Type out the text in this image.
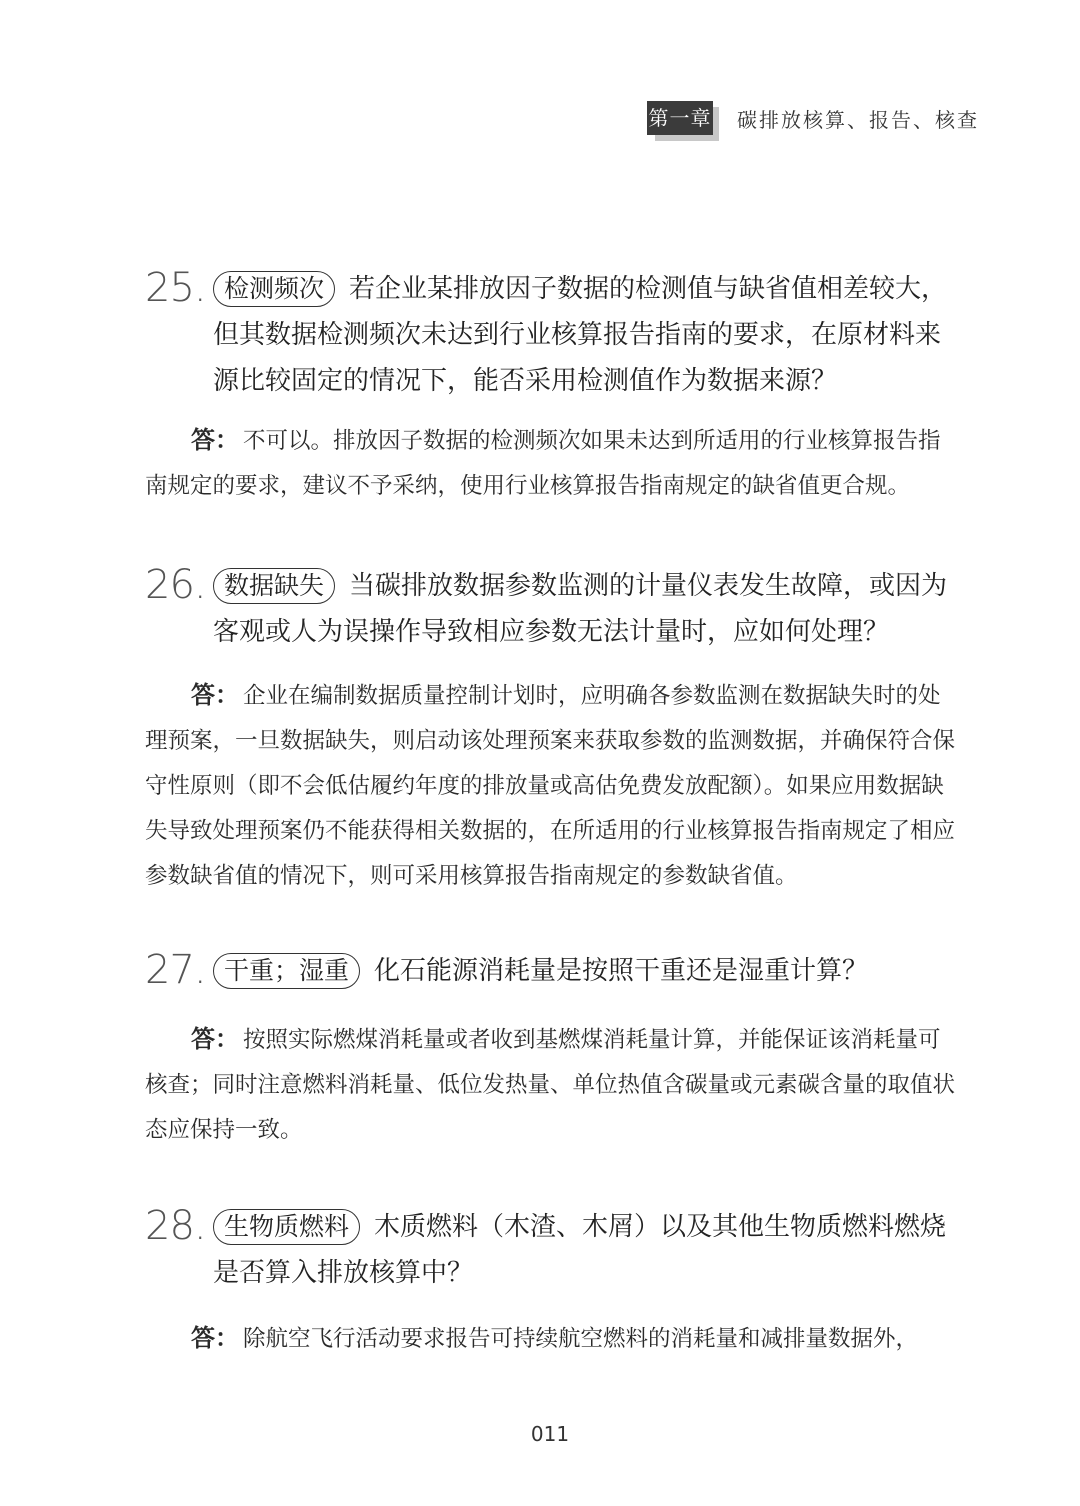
第一章 碳排放核算、报告、核查
25. 检测频次 若企业某排放因子数据的检测值与缺省值相差较大，
但其数据检测频次未达到行业核算报告指南的要求，在原材料来
源比较固定的情况下，能否采用检测值作为数据来源？
答： 不可以。排放因子数据的检测频次如果未达到所适用的行业核算报告指南规定的要求，建议不予采纳，使用行业核算报告指南规定的缺省值更合规。
26. 数据缺失 当碳排放数据参数监测的计量仪表发生故障，或因为
客观或人为误操作导致相应参数无法计量时，应如何处理？
答： 企业在编制数据质量控制计划时，应明确各参数监测在数据缺失时的处理预案，一旦数据缺失，则启动该处理预案来获取参数的监测数据，并确保符合保守性原则（即不会低估履约年度的排放量或高估免费发放配额）。如果应用数据缺失导致处理预案仍不能获得相关数据的，在所适用的行业核算报告指南规定了相应参数缺省值的情况下，则可采用核算报告指南规定的参数缺省值。
27. 干重；湿重 化石能源消耗量是按照干重还是湿重计算？
答： 按照实际燃煤消耗量或者收到基燃煤消耗量计算，并能保证该消耗量可核查；同时注意燃料消耗量、低位发热量、单位热值含碳量或元素碳含量的取值状态应保持一致。
28. 生物质燃料 木质燃料（木渣、木屑）以及其他生物质燃料燃烧
是否算入排放核算中？
答： 除航空飞行活动要求报告可持续航空燃料的消耗量和减排量数据外，
011
